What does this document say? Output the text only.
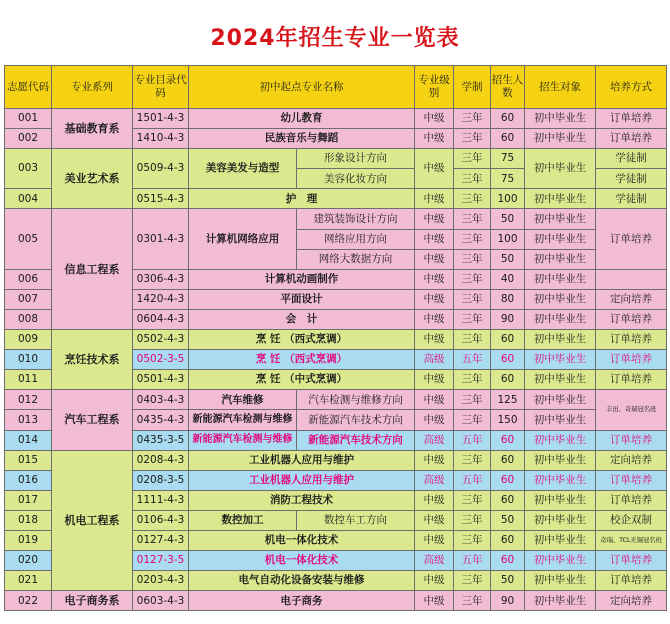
2024年招生专业一览表
志愿代码	专业系列	专业目录代码	初中起点专业名称		专业级别	学制	招生人数	招生对象	培养方式
001	基础教育系	1501-4-3	幼儿教育		中级	三年	60	初中毕业生	订单培养
002		1410-4-3	民族音乐与舞蹈		中级	三年	60	初中毕业生	订单培养
003	美业艺术系	0509-4-3	美容美发与造型	形象设计方向	中级	三年	75	初中毕业生	学徒制
				美容化妆方向		三年	75		学徒制
004		0515-4-3	护　理		中级	三年	100	初中毕业生	学徒制
005	信息工程系	0301-4-3	计算机网络应用	建筑装饰设计方向	中级	三年	50	初中毕业生	订单培养
				网络应用方向	中级	三年	100	初中毕业生	
				网络大数据方向	中级	三年	50	初中毕业生	
006		0306-4-3	计算机动画制作		中级	三年	40	初中毕业生	
007		1420-4-3	平面设计		中级	三年	80	初中毕业生	定向培养
008		0604-4-3	会　计		中级	三年	90	初中毕业生	订单培养
009	烹饪技术系	0502-4-3	烹 饪 （西式烹调）		中级	三年	60	初中毕业生	订单培养
010		0502-3-5	烹 饪 （西式烹调）		高级	五年	60	初中毕业生	订单培养
011		0501-4-3	烹 饪 （中式烹调）		中级	三年	60	初中毕业生	订单培养
012	汽车工程系	0403-4-3	汽车维修	汽车检测与维修方向	中级	三年	125	初中毕业生	丰田、奇瑞冠名班
013		0435-4-3	新能源汽车检测与维修	新能源汽车技术方向	中级	三年	150	初中毕业生	
014		0435-3-5	新能源汽车检测与维修	新能源汽车技术方向	高级	五年	60	初中毕业生	订单培养
015	机电工程系	0208-4-3	工业机器人应用与维护		中级	三年	60	初中毕业生	定向培养
016		0208-3-5	工业机器人应用与维护		高级	五年	60	初中毕业生	订单培养
017		1111-4-3	消防工程技术		中级	三年	60	初中毕业生	订单培养
018		0106-4-3	数控加工	数控车工方向	中级	三年	50	初中毕业生	校企双制
019		0127-4-3	机电一体化技术		中级	三年	60	初中毕业生	奇瑞、TCL无锡冠名班
020		0127-3-5	机电一体化技术		高级	五年	60	初中毕业生	订单培养
021		0203-4-3	电气自动化设备安装与维修		中级	三年	50	初中毕业生	订单培养
022	电子商务系	0603-4-3	电子商务		中级	三年	90	初中毕业生	定向培养
